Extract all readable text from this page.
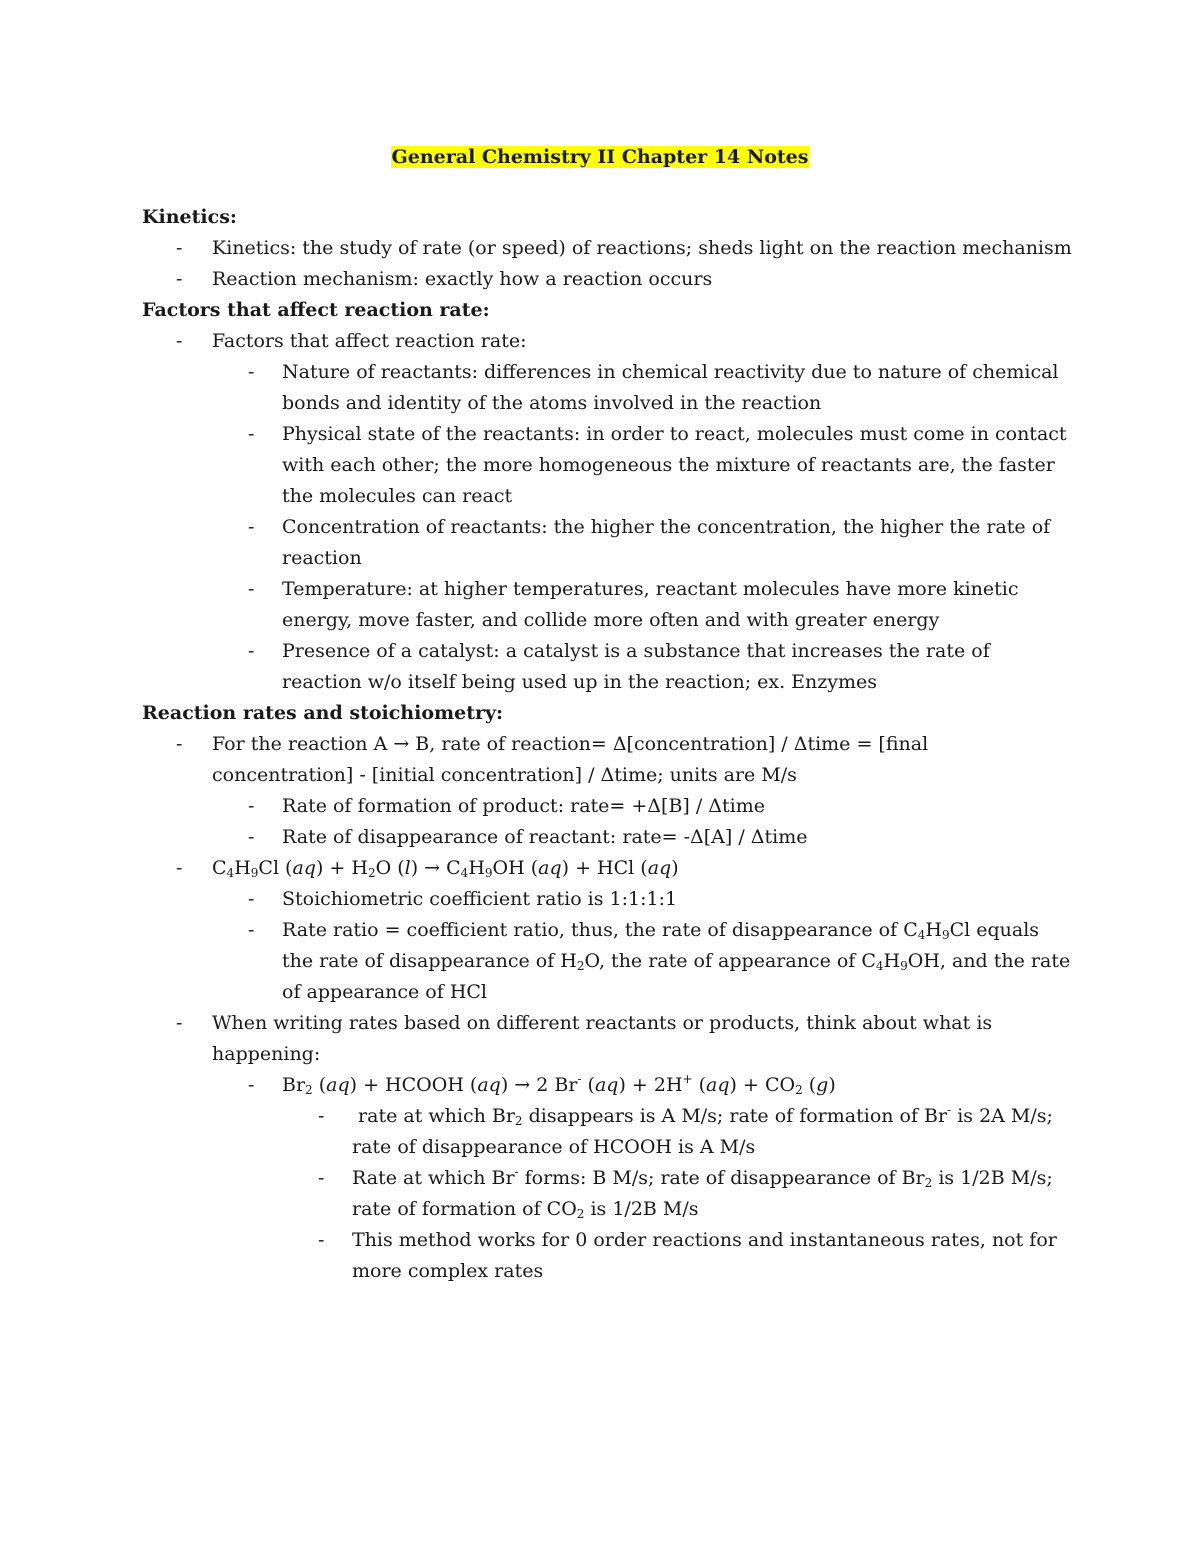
General Chemistry II Chapter 14 Notes
Kinetics:
- Kinetics: the study of rate (or speed) of reactions; sheds light on the reaction mechanism
- Reaction mechanism: exactly how a reaction occurs
Factors that affect reaction rate:
- Factors that affect reaction rate:
- Nature of reactants: differences in chemical reactivity due to nature of chemical bonds and identity of the atoms involved in the reaction
- Physical state of the reactants: in order to react, molecules must come in contact with each other; the more homogeneous the mixture of reactants are, the faster the molecules can react
- Concentration of reactants: the higher the concentration, the higher the rate of reaction
- Temperature: at higher temperatures, reactant molecules have more kinetic energy, move faster, and collide more often and with greater energy
- Presence of a catalyst: a catalyst is a substance that increases the rate of reaction w/o itself being used up in the reaction; ex. Enzymes
Reaction rates and stoichiometry:
- For the reaction A → B, rate of reaction= Δ[concentration] / Δtime = [final concentration] - [initial concentration] / Δtime; units are M/s
- Rate of formation of product: rate= +Δ[B] / Δtime
- Rate of disappearance of reactant: rate= -Δ[A] / Δtime
- $C_4H_9Cl$ $(aq) + H_2O$ $(l) \to C_4H_9OH$ (aq) + HCl (aq)
- Stoichiometric coefficient ratio is 1:1:1:1
- Rate ratio = coefficient ratio, thus, the rate of disappearance of $C_4H_9Cl$ equals the rate of disappearance of $H_2O$, the rate of appearance of $C_4H_9OH$, and the rate of appearance of HCl
- When writing rates based on different reactants or products, think about what is happening:
- $Br_2$ (aq) + HCOOH (aq) → 2 Br- (aq) + 2H+ $(aq) + CO_2$ (g)
- rate at which $Br_2$ disappears is A M/s; rate of formation of Br- is 2A M/s; rate of disappearance of HCOOH is A M/s
- Rate at which Br- forms: B M/s; rate of disappearance of $Br_2$ is 1/2B M/s; rate of formation of $CO_2$ is 1/2B M/s
- This method works for 0 order reactions and instantaneous rates, not for more complex rates
